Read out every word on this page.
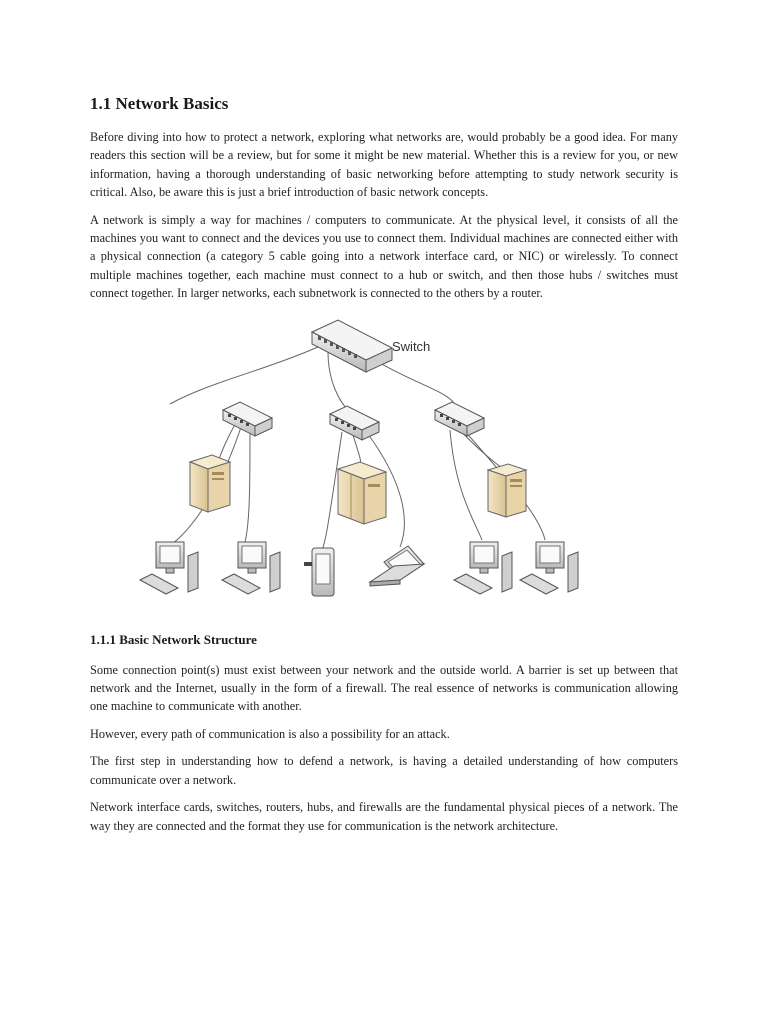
1.1 Network Basics

Before diving into how to protect a network, exploring what networks are, would probably be a good idea. For many readers this section will be a review, but for some it might be new material. Whether this is a review for you, or new information, having a thorough understanding of basic networking before attempting to study network security is critical. Also, be aware this is just a brief introduction of basic network concepts.

A network is simply a way for machines / computers to communicate. At the physical level, it consists of all the machines you want to connect and the devices you use to connect them. Individual machines are connected either with a physical connection (a category 5 cable going into a network interface card, or NIC) or wirelessly. To connect multiple machines together, each machine must connect to a hub or switch, and then those hubs / switches must connect together. In larger networks, each subnetwork is connected to the others by a router.

Switch
1.1.1 Basic Network Structure

Some connection point(s) must exist between your network and the outside world. A barrier is set up between that network and the Internet, usually in the form of a firewall. The real essence of networks is communication allowing one machine to communicate with another.

However, every path of communication is also a possibility for an attack.

The first step in understanding how to defend a network, is having a detailed understanding of how computers communicate over a network.

Network interface cards, switches, routers, hubs, and firewalls are the fundamental physical pieces of a network. The way they are connected and the format they use for communication is the network architecture.
